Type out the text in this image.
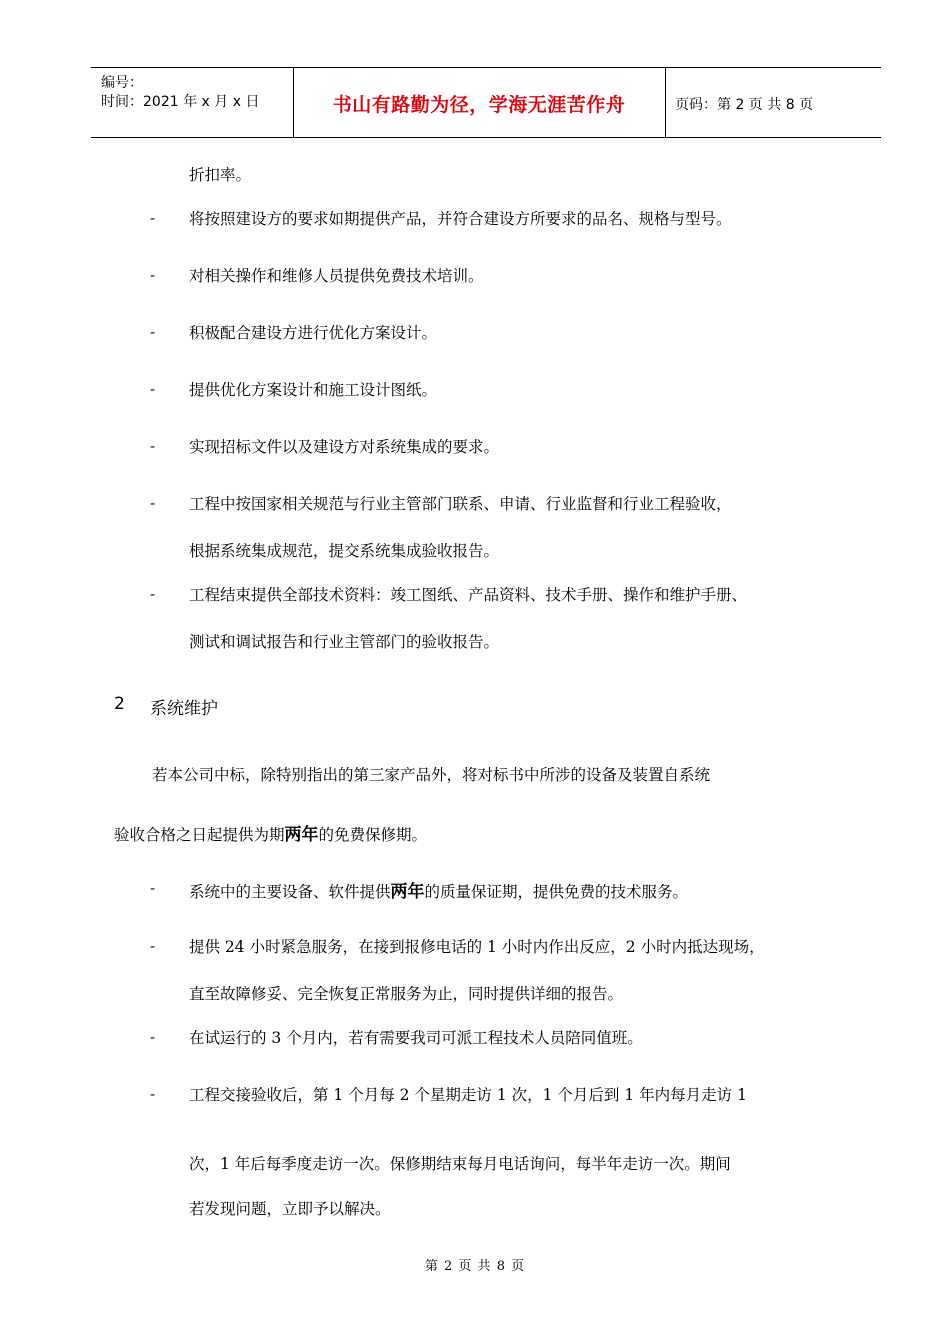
编号：
时间：2021 年 x 月 x 日	书山有路勤为径，学海无涯苦作舟	页码：第 2 页 共 8 页
折扣率。
- 将按照建设方的要求如期提供产品，并符合建设方所要求的品名、规格与型号。
- 对相关操作和维修人员提供免费技术培训。
- 积极配合建设方进行优化方案设计。
- 提供优化方案设计和施工设计图纸。
- 实现招标文件以及建设方对系统集成的要求。
- 工程中按国家相关规范与行业主管部门联系、申请、行业监督和行业工程验收，
根据系统集成规范，提交系统集成验收报告。
- 工程结束提供全部技术资料：竣工图纸、产品资料、技术手册、操作和维护手册、
测试和调试报告和行业主管部门的验收报告。
2 系统维护
若本公司中标，除特别指出的第三家产品外，将对标书中所涉的设备及装置自系统
验收合格之日起提供为期两年的免费保修期。
- 系统中的主要设备、软件提供两年的质量保证期，提供免费的技术服务。
- 提供 24 小时紧急服务，在接到报修电话的 1 小时内作出反应，2 小时内抵达现场，
直至故障修妥、完全恢复正常服务为止，同时提供详细的报告。
- 在试运行的 3 个月内，若有需要我司可派工程技术人员陪同值班。
- 工程交接验收后，第 1 个月每 2 个星期走访 1 次，1 个月后到 1 年内每月走访 1
次，1 年后每季度走访一次。保修期结束每月电话询问，每半年走访一次。期间
若发现问题，立即予以解决。
第 2 页 共 8 页
